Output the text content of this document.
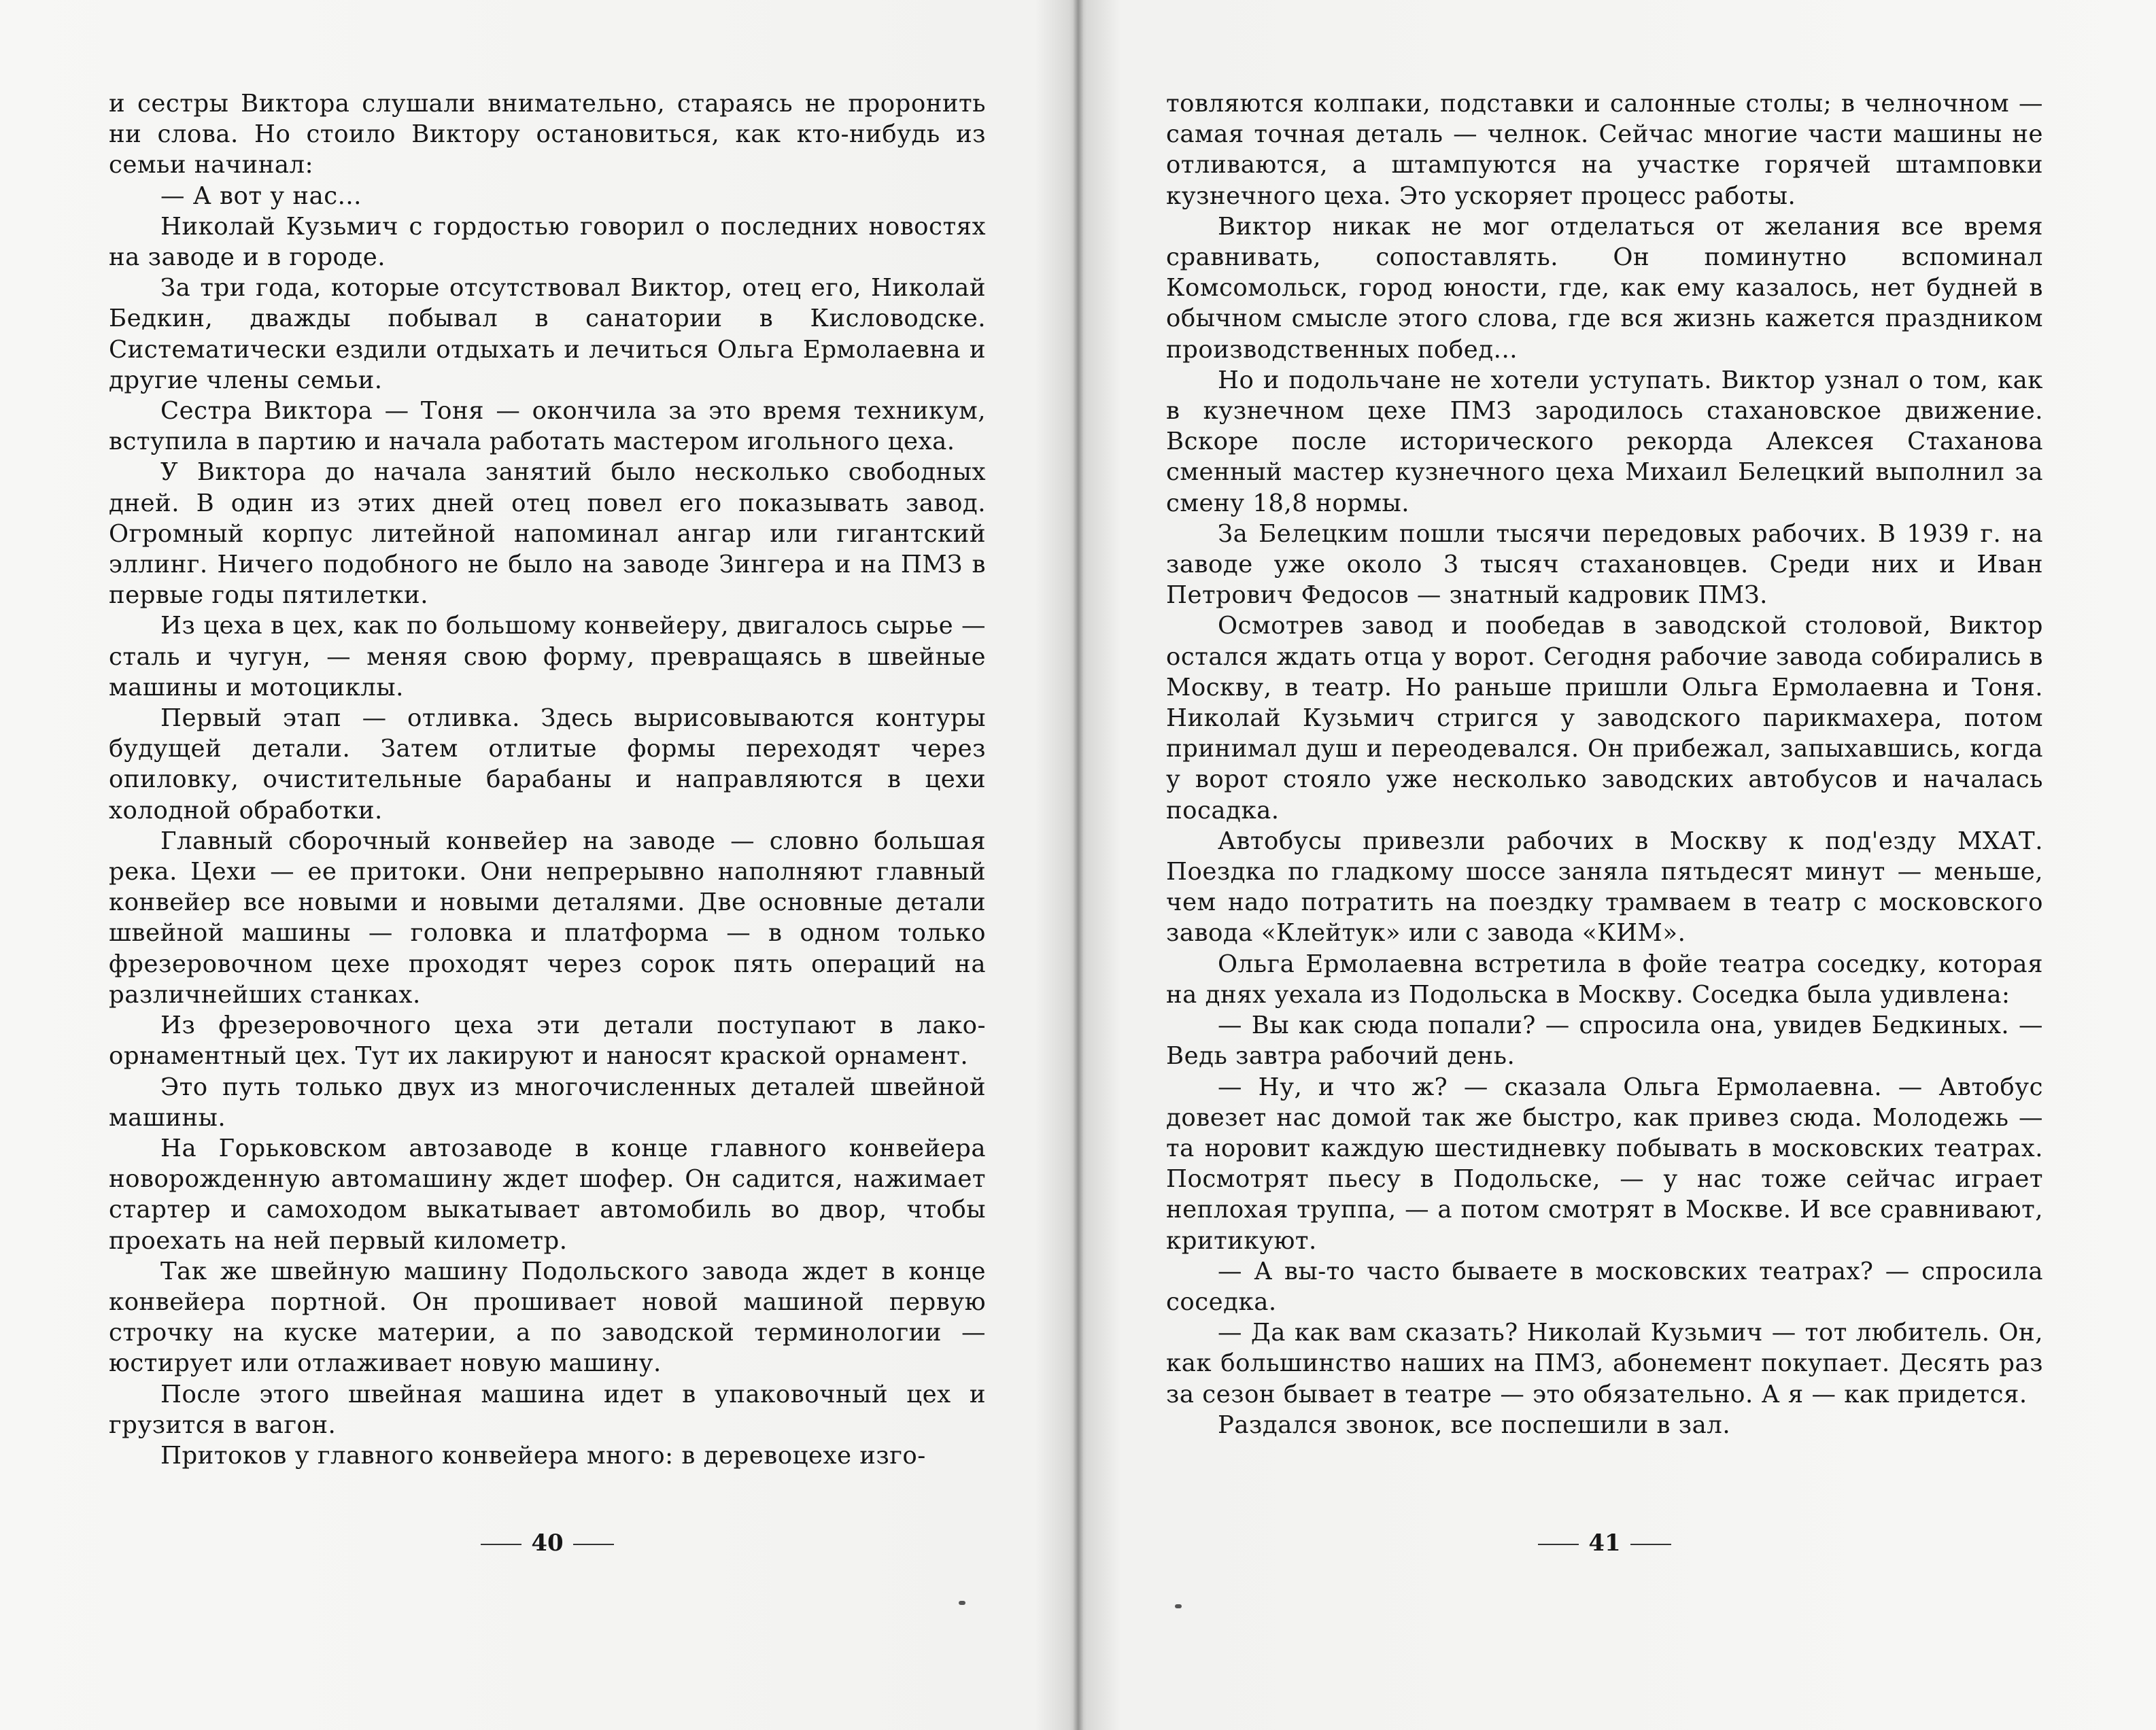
и сестры Виктора слушали внимательно, стараясь не проронить ни слова. Но стоило Виктору остановиться, как кто-нибудь из семьи начинал:

— А вот у нас...

Николай Кузьмич с гордостью говорил о последних новостях на заводе и в городе.

За три года, которые отсутствовал Виктор, отец его, Николай Бедкин, дважды побывал в санатории в Кисловодске. Систематически ездили отдыхать и лечиться Ольга Ермолаевна и другие члены семьи.

Сестра Виктора — Тоня — окончила за это время техникум, вступила в партию и начала работать мастером игольного цеха.

У Виктора до начала занятий было несколько свободных дней. В один из этих дней отец повел его показывать завод. Огромный корпус литейной напоминал ангар или гигантский эллинг. Ничего подобного не было на заводе Зингера и на ПМЗ в первые годы пятилетки.

Из цеха в цех, как по большому конвейеру, двигалось сырье — сталь и чугун, — меняя свою форму, превращаясь в швейные машины и мотоциклы.

Первый этап — отливка. Здесь вырисовываются контуры будущей детали. Затем отлитые формы переходят через опиловку, очистительные барабаны и направляются в цехи холодной обработки.

Главный сборочный конвейер на заводе — словно большая река. Цехи — ее притоки. Они непрерывно наполняют главный конвейер все новыми и новыми деталями. Две основные детали швейной машины — головка и платформа — в одном только фрезеровочном цехе проходят через сорок пять операций на различнейших станках.

Из фрезеровочного цеха эти детали поступают в лако-орнаментный цех. Тут их лакируют и наносят краской орнамент.

Это путь только двух из многочисленных деталей швейной машины.

На Горьковском автозаводе в конце главного конвейера новорожденную автомашину ждет шофер. Он садится, нажимает стартер и самоходом выкатывает автомобиль во двор, чтобы проехать на ней первый километр.

Так же швейную машину Подольского завода ждет в конце конвейера портной. Он прошивает новой машиной первую строчку на куске материи, а по заводской терминологии — юстирует или отлаживает новую машину.

После этого швейная машина идет в упаковочный цех и грузится в вагон.

Притоков у главного конвейера много: в деревоцехе изго-

40

товляются колпаки, подставки и салонные столы; в челночном — самая точная деталь — челнок. Сейчас многие части машины не отливаются, а штампуются на участке горячей штамповки кузнечного цеха. Это ускоряет процесс работы.

Виктор никак не мог отделаться от желания все время сравнивать, сопоставлять. Он поминутно вспоминал Комсомольск, город юности, где, как ему казалось, нет будней в обычном смысле этого слова, где вся жизнь кажется праздником производственных побед...

Но и подольчане не хотели уступать. Виктор узнал о том, как в кузнечном цехе ПМЗ зародилось стахановское движение. Вскоре после исторического рекорда Алексея Стаханова сменный мастер кузнечного цеха Михаил Белецкий выполнил за смену 18,8 нормы.

За Белецким пошли тысячи передовых рабочих. В 1939 г. на заводе уже около 3 тысяч стахановцев. Среди них и Иван Петрович Федосов — знатный кадровик ПМЗ.

Осмотрев завод и пообедав в заводской столовой, Виктор остался ждать отца у ворот. Сегодня рабочие завода собирались в Москву, в театр. Но раньше пришли Ольга Ермолаевна и Тоня. Николай Кузьмич стригся у заводского парикмахера, потом принимал душ и переодевался. Он прибежал, запыхавшись, когда у ворот стояло уже несколько заводских автобусов и началась посадка.

Автобусы привезли рабочих в Москву к под'езду МХАТ. Поездка по гладкому шоссе заняла пятьдесят минут — меньше, чем надо потратить на поездку трамваем в театр с московского завода «Клейтук» или с завода «КИМ».

Ольга Ермолаевна встретила в фойе театра соседку, которая на днях уехала из Подольска в Москву. Соседка была удивлена:

— Вы как сюда попали? — спросила она, увидев Бедкиных. — Ведь завтра рабочий день.

— Ну, и что ж? — сказала Ольга Ермолаевна. — Автобус довезет нас домой так же быстро, как привез сюда. Молодежь — та норовит каждую шестидневку побывать в московских театрах. Посмотрят пьесу в Подольске, — у нас тоже сейчас играет неплохая труппа, — а потом смотрят в Москве. И все сравнивают, критикуют.

— А вы-то часто бываете в московских театрах? — спросила соседка.

— Да как вам сказать? Николай Кузьмич — тот любитель. Он, как большинство наших на ПМЗ, абонемент покупает. Десять раз за сезон бывает в театре — это обязательно. А я — как придется.

Раздался звонок, все поспешили в зал.

41
